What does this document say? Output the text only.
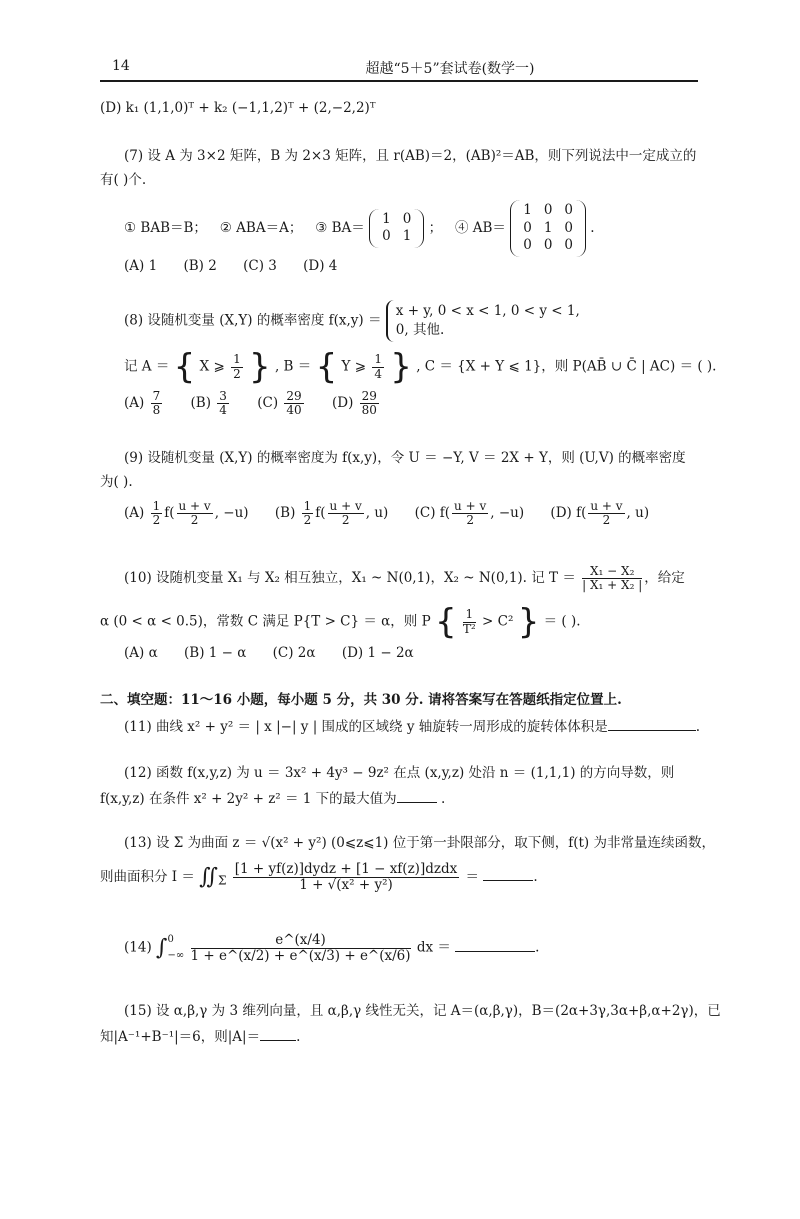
14	超越“5＋5”套试卷(数学一)
(D) k₁ (1,1,0)ᵀ + k₂ (−1,1,2)ᵀ + (2,−2,2)ᵀ
(7) 设 A 为 3×2 矩阵，B 为 2×3 矩阵，且 r(AB)＝2，(AB)²＝AB，则下列说法中一定成立的
有( )个.
① BAB＝B； ② ABA＝A； ③ BA＝
1	0
0	1
； ④ AB＝
1	0	0
0	1	0
0	0	0
.
(A) 1 (B) 2 (C) 3 (D) 4
(8) 设随机变量 (X,Y) 的概率密度 f(x,y) ＝
x + y, 0 < x < 1, 0 < y < 1,
0, 其他.
记 A ＝ { X ⩾ $\frac{1}{2}$ } , B ＝ { Y ⩾ $\frac{1}{4}$ } , C ＝ {X + Y ⩽ 1}，则 P(AB̄ ∪ C̄ | AC) ＝ ( ).
$(A) \frac{7}{8} (B) \frac{3}{4} (C) \frac{29}{40} (D) \frac{29}{80}$
(9) 设随机变量 (X,Y) 的概率密度为 f(x,y)，令 U ＝ −Y, V ＝ 2X + Y，则 (U,V) 的概率密度
为( ).
$(A) \frac{1}{2} f( \frac{u + v}{2}$ , −u) $(B) \frac{1}{2} f( \frac{u + v}{2}$ , u) (C) $f( \frac{u + v}{2}$ , −u) (D) $f( \frac{u + v}{2}$ , u)
(10) 设随机变量 X₁ 与 X₂ 相互独立，X₁ ~ N(0,1)，X₂ ~ N(0,1). 记 $T = \frac{\text{X₁ − X₂}}{\text{| X₁ + X₂ |}}$ ，给定
α (0 < α < 0.5)，常数 C 满足 P{T > C} ＝ α，则 P { $\frac{1}{\text{T²}} > C^2$ } ＝ ( ).
(A) α (B) 1 − α (C) 2α (D) 1 − 2α
二、填空题：11～16 小题，每小题 5 分，共 30 分. 请将答案写在答题纸指定位置上.
(11) 曲线 x² + y² ＝ | x |−| y | 围成的区域绕 y 轴旋转一周形成的旋转体体积是	.
(12) 函数 f(x,y,z) 为 u ＝ 3x² + 4y³ − 9z² 在点 (x,y,z) 处沿 n ＝ (1,1,1) 的方向导数，则
f(x,y,z) 在条件 x² + 2y² + z² ＝ 1 下的最大值为	.
(13) 设 Σ 为曲面 z ＝ √(x² + y²) (0⩽z⩽1) 位于第一卦限部分，取下侧，f(t) 为非常量连续函数，
则曲面积分 $I = ∬_\Sigma \frac{\text{[1 + yf(z)]dydz + [1 − xf(z)]dzdx}}{\text{1 + √(x² + y²)}}$ ＝	.
(14) ∫ 0
−∞
$\frac{e\^{}(x/4)}{1 + e\^{}(x/2) + e\^{}(x/3) + e\^{}(x/6)}$ dx ＝	.
(15) 设 α,β,γ 为 3 维列向量，且 α,β,γ 线性无关，记 A＝(α,β,γ)，B＝(2α+3γ,3α+β,α+2γ)，已
知|A⁻¹+B⁻¹|＝6，则|A|＝	.
